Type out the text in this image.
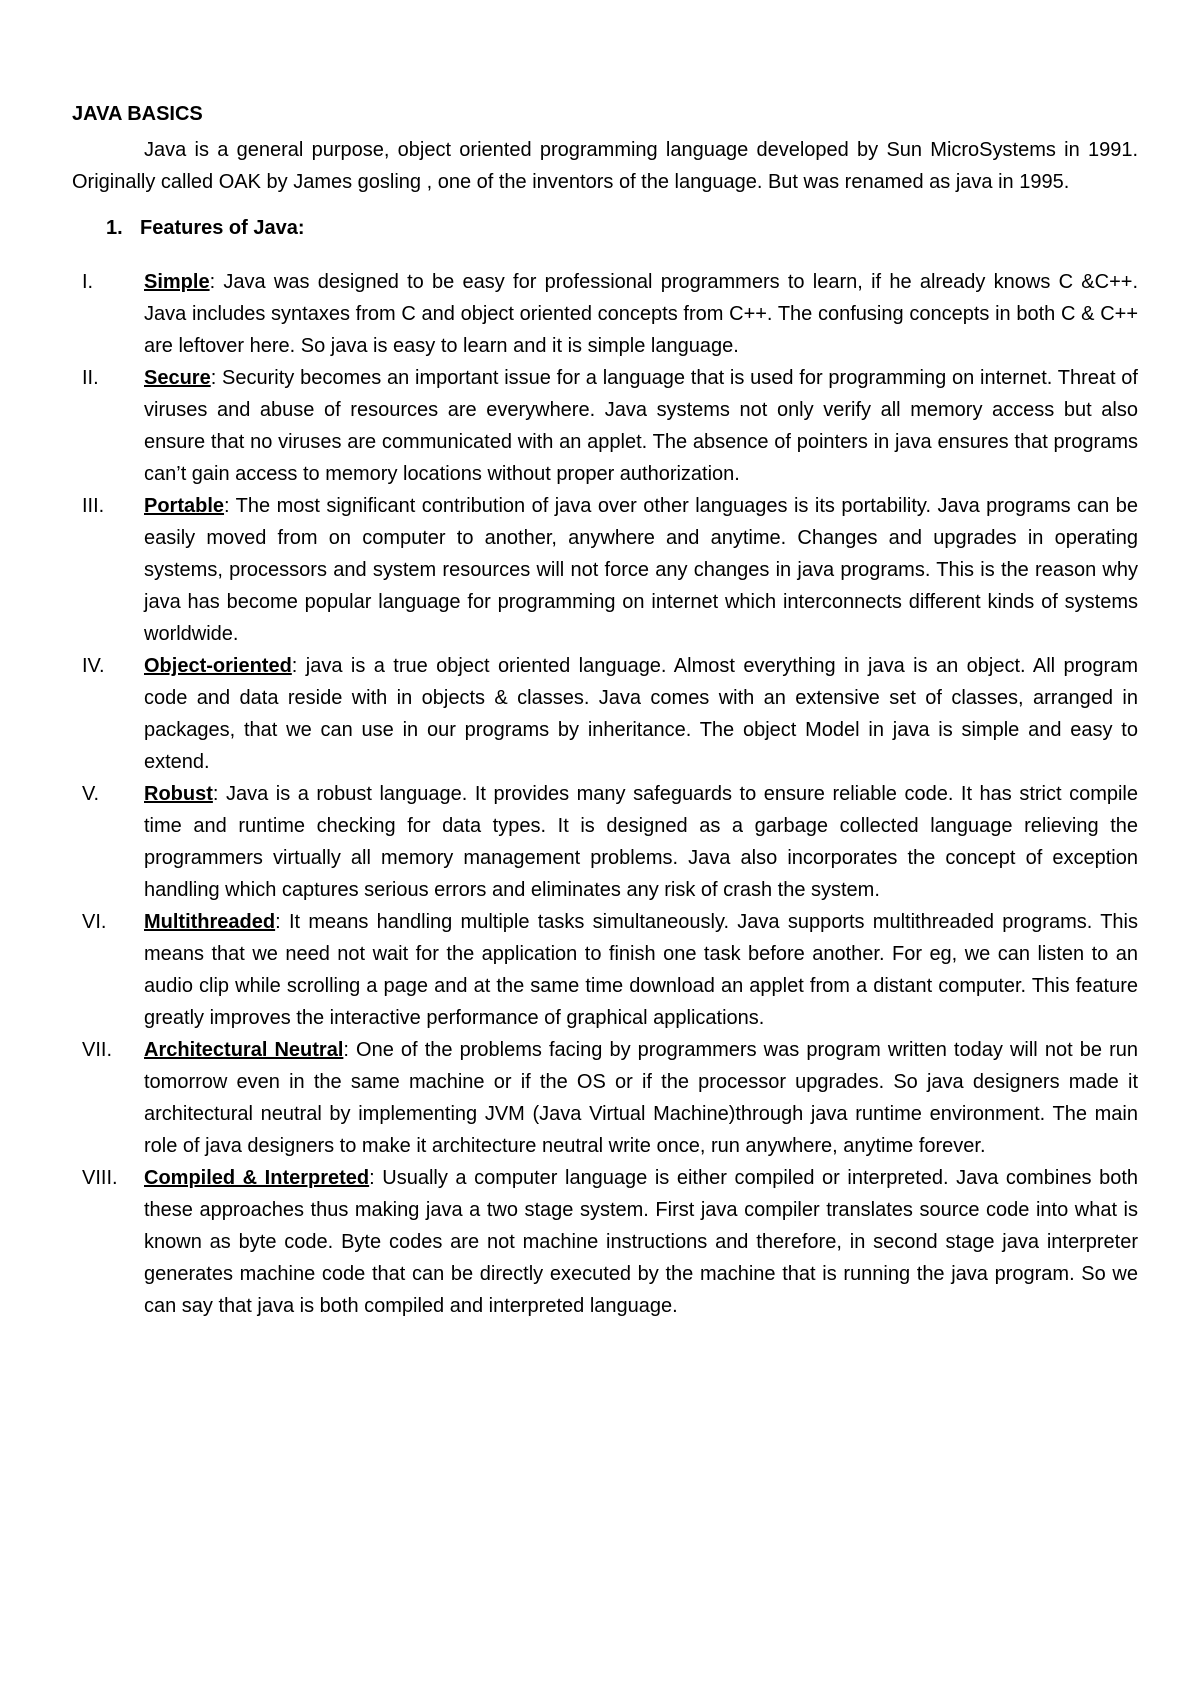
JAVA BASICS

Java is a general purpose, object oriented programming language developed by Sun MicroSystems in 1991. Originally called OAK by James gosling , one of the inventors of the language. But was renamed as java in 1995.

1. Features of Java:
I.	Simple: Java was designed to be easy for professional programmers to learn, if he already knows C &C++. Java includes syntaxes from C and object oriented concepts from C++. The confusing concepts in both C & C++ are leftover here. So java is easy to learn and it is simple language.
II.	Secure: Security becomes an important issue for a language that is used for programming on internet. Threat of viruses and abuse of resources are everywhere. Java systems not only verify all memory access but also ensure that no viruses are communicated with an applet. The absence of pointers in java ensures that programs can’t gain access to memory locations without proper authorization.
III.	Portable: The most significant contribution of java over other languages is its portability. Java programs can be easily moved from on computer to another, anywhere and anytime. Changes and upgrades in operating systems, processors and system resources will not force any changes in java programs. This is the reason why java has become popular language for programming on internet which interconnects different kinds of systems worldwide.
IV.	Object-oriented: java is a true object oriented language. Almost everything in java is an object. All program code and data reside with in objects & classes. Java comes with an extensive set of classes, arranged in packages, that we can use in our programs by inheritance. The object Model in java is simple and easy to extend.
V.	Robust: Java is a robust language. It provides many safeguards to ensure reliable code. It has strict compile time and runtime checking for data types. It is designed as a garbage collected language relieving the programmers virtually all memory management problems. Java also incorporates the concept of exception handling which captures serious errors and eliminates any risk of crash the system.
VI.	Multithreaded: It means handling multiple tasks simultaneously. Java supports multithreaded programs. This means that we need not wait for the application to finish one task before another. For eg, we can listen to an audio clip while scrolling a page and at the same time download an applet from a distant computer. This feature greatly improves the interactive performance of graphical applications.
VII.	Architectural Neutral: One of the problems facing by programmers was program written today will not be run tomorrow even in the same machine or if the OS or if the processor upgrades. So java designers made it architectural neutral by implementing JVM (Java Virtual Machine)through java runtime environment. The main role of java designers to make it architecture neutral write once, run anywhere, anytime forever.
VIII.	Compiled & Interpreted: Usually a computer language is either compiled or interpreted. Java combines both these approaches thus making java a two stage system. First java compiler translates source code into what is known as byte code. Byte codes are not machine instructions and therefore, in second stage java interpreter generates machine code that can be directly executed by the machine that is running the java program. So we can say that java is both compiled and interpreted language.
